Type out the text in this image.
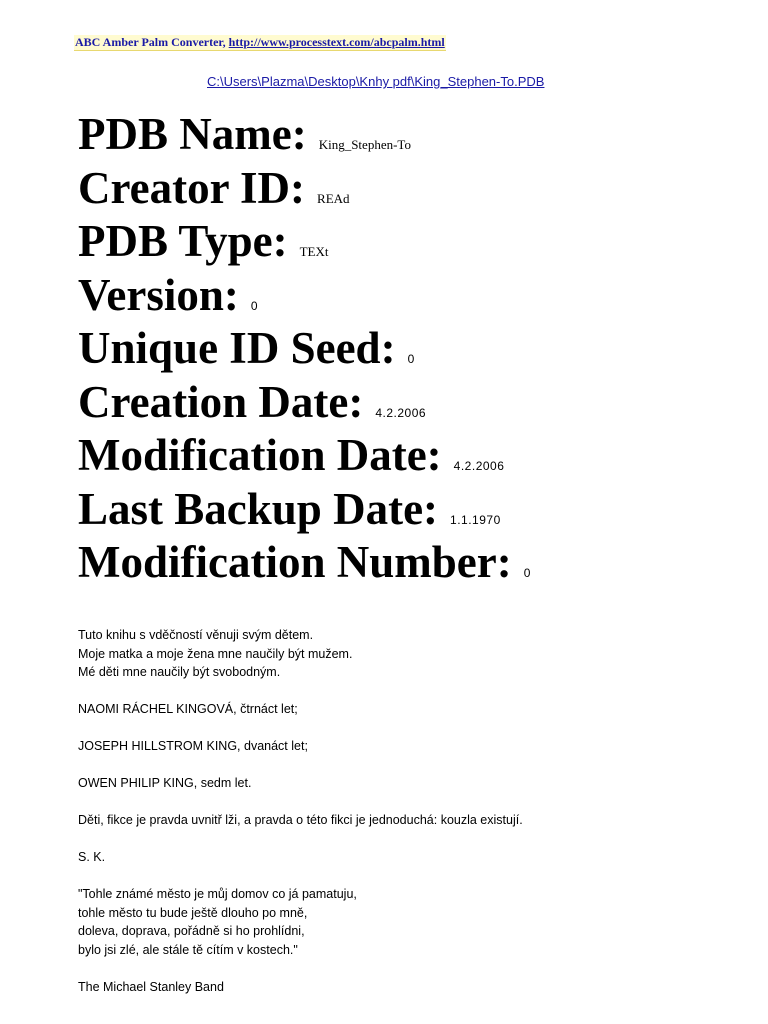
ABC Amber Palm Converter, http://www.processtext.com/abcpalm.html
C:\Users\Plazma\Desktop\Knhy pdf\King_Stephen-To.PDB
PDB Name: King_Stephen-To
Creator ID: REAd
PDB Type: TEXt
Version: 0
Unique ID Seed: 0
Creation Date: 4.2.2006
Modification Date: 4.2.2006
Last Backup Date: 1.1.1970
Modification Number: 0

Tuto knihu s vděčností věnuji svým dětem.
Moje matka a moje žena mne naučily být mužem.
Mé děti mne naučily být svobodným.

NAOMI RÁCHEL KINGOVÁ, čtrnáct let;

JOSEPH HILLSTROM KING, dvanáct let;

OWEN PHILIP KING, sedm let.

Děti, fikce je pravda uvnitř lži, a pravda o této fikci je jednoduchá: kouzla existují.

S. K.

"Tohle známé město je můj domov co já pamatuju,
tohle město tu bude ještě dlouho po mně,
doleva, doprava, pořádně si ho prohlídni,
bylo jsi zlé, ale stále tě cítím v kostech."

The Michael Stanley Band
